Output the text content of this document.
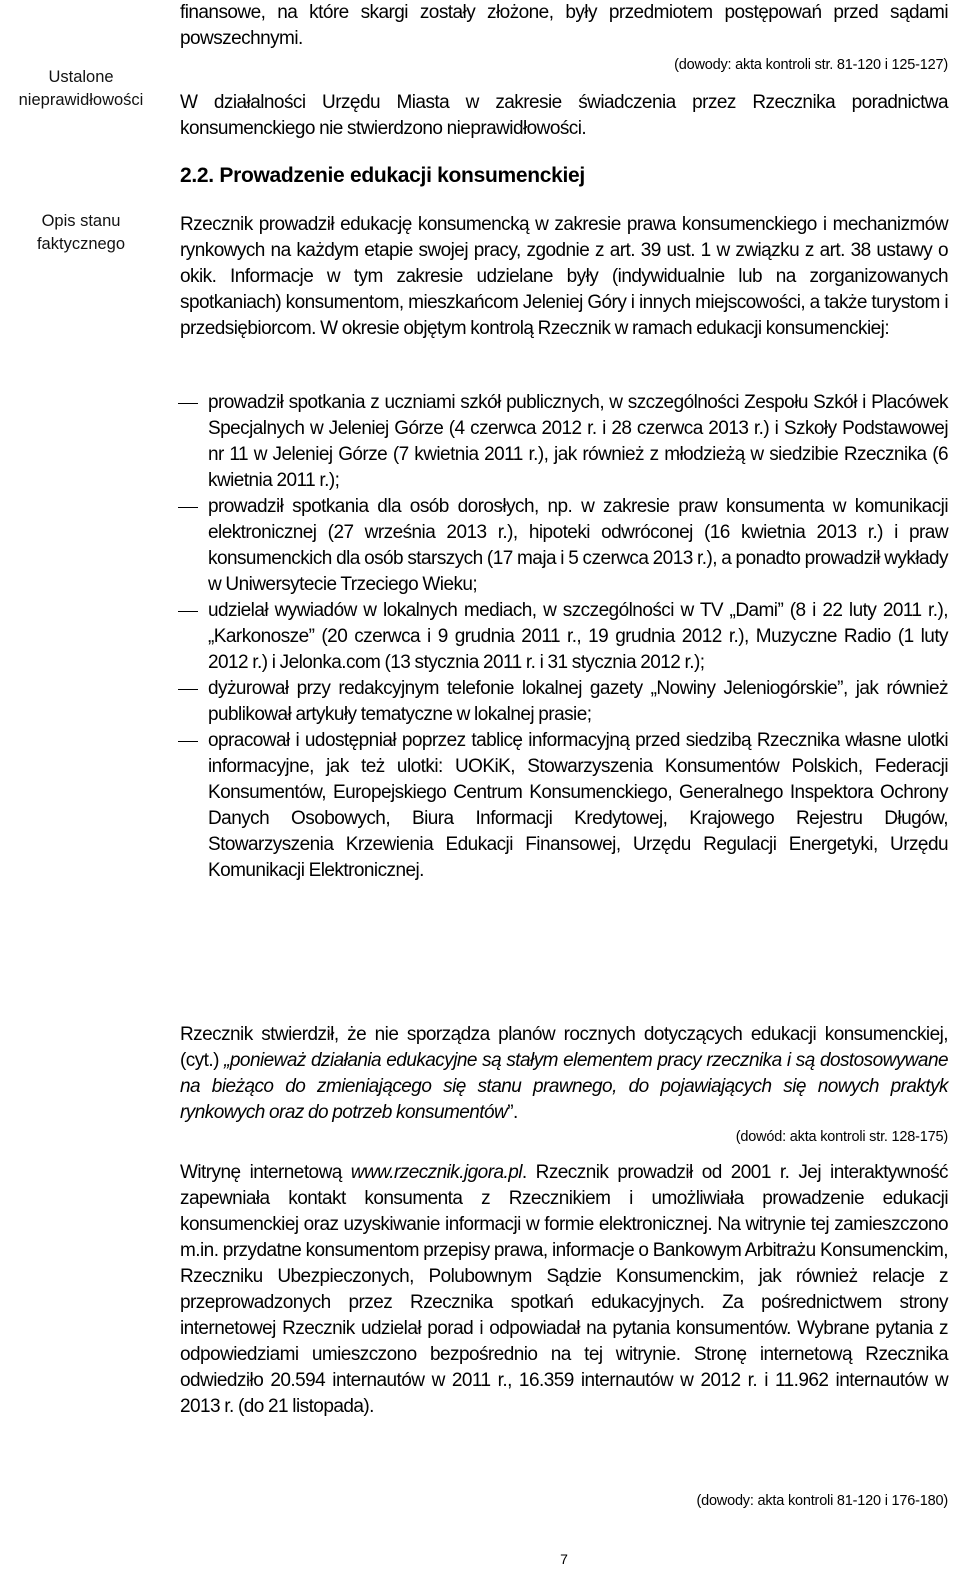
finansowe, na które skargi zostały złożone, były przedmiotem postępowań przed sądami powszechnymi.
(dowody: akta kontroli str. 81-120 i 125-127)
Ustalone nieprawidłowości
Opis stanu faktycznego
W działalności Urzędu Miasta w zakresie świadczenia przez Rzecznika poradnictwa konsumenckiego nie stwierdzono nieprawidłowości.
2.2. Prowadzenie edukacji konsumenckiej
Rzecznik prowadził edukację konsumencką w zakresie prawa konsumenckiego i mechanizmów rynkowych na każdym etapie swojej pracy, zgodnie z art. 39 ust. 1 w związku z art. 38 ustawy o okik. Informacje w tym zakresie udzielane były (indywidualnie lub na zorganizowanych spotkaniach) konsumentom, mieszkańcom Jeleniej Góry i innych miejscowości, a także turystom i przedsiębiorcom. W okresie objętym kontrolą Rzecznik w ramach edukacji konsumenckiej:
prowadził spotkania z uczniami szkół publicznych, w szczególności Zespołu Szkół i Placówek Specjalnych w Jeleniej Górze (4 czerwca 2012 r. i 28 czerwca 2013 r.) i Szkoły Podstawowej nr 11 w Jeleniej Górze (7 kwietnia 2011 r.), jak również z młodzieżą w siedzibie Rzecznika (6 kwietnia 2011 r.);
prowadził spotkania dla osób dorosłych, np. w zakresie praw konsumenta w komunikacji elektronicznej (27 września 2013 r.), hipoteki odwróconej (16 kwietnia 2013 r.) i praw konsumenckich dla osób starszych (17 maja i 5 czerwca 2013 r.), a ponadto prowadził wykłady w Uniwersytecie Trzeciego Wieku;
udzielał wywiadów w lokalnych mediach, w szczególności w TV „Dami” (8 i 22 luty 2011 r.), „Karkonosze” (20 czerwca i 9 grudnia 2011 r., 19 grudnia 2012 r.), Muzyczne Radio (1 luty 2012 r.) i Jelonka.com (13 stycznia 2011 r. i 31 stycznia 2012 r.);
dyżurował przy redakcyjnym telefonie lokalnej gazety „Nowiny Jeleniogórskie”, jak również publikował artykuły tematyczne w lokalnej prasie;
opracował i udostępniał poprzez tablicę informacyjną przed siedzibą Rzecznika własne ulotki informacyjne, jak też ulotki: UOKiK, Stowarzyszenia Konsumentów Polskich, Federacji Konsumentów, Europejskiego Centrum Konsumenckiego, Generalnego Inspektora Ochrony Danych Osobowych, Biura Informacji Kredytowej, Krajowego Rejestru Długów, Stowarzyszenia Krzewienia Edukacji Finansowej, Urzędu Regulacji Energetyki, Urzędu Komunikacji Elektronicznej.
Rzecznik stwierdził, że nie sporządza planów rocznych dotyczących edukacji konsumenckiej, (cyt.) „ponieważ działania edukacyjne są stałym elementem pracy rzecznika i są dostosowywane na bieżąco do zmieniającego się stanu prawnego, do pojawiających się nowych praktyk rynkowych oraz do potrzeb konsumentów”.
(dowód: akta kontroli str. 128-175)
Witrynę internetową www.rzecznik.jgora.pl. Rzecznik prowadził od 2001 r. Jej interaktywność zapewniała kontakt konsumenta z Rzecznikiem i umożliwiała prowadzenie edukacji konsumenckiej oraz uzyskiwanie informacji w formie elektronicznej. Na witrynie tej zamieszczono m.in. przydatne konsumentom przepisy prawa, informacje o Bankowym Arbitrażu Konsumenckim, Rzeczniku Ubezpieczonych, Polubownym Sądzie Konsumenckim, jak również relacje z przeprowadzonych przez Rzecznika spotkań edukacyjnych. Za pośrednictwem strony internetowej Rzecznik udzielał porad i odpowiadał na pytania konsumentów. Wybrane pytania z odpowiedziami umieszczono bezpośrednio na tej witrynie. Stronę internetową Rzecznika odwiedziło 20.594 internautów w 2011 r., 16.359 internautów w 2012 r. i 11.962 internautów w 2013 r. (do 21 listopada).
(dowody: akta kontroli 81-120 i 176-180)
7
